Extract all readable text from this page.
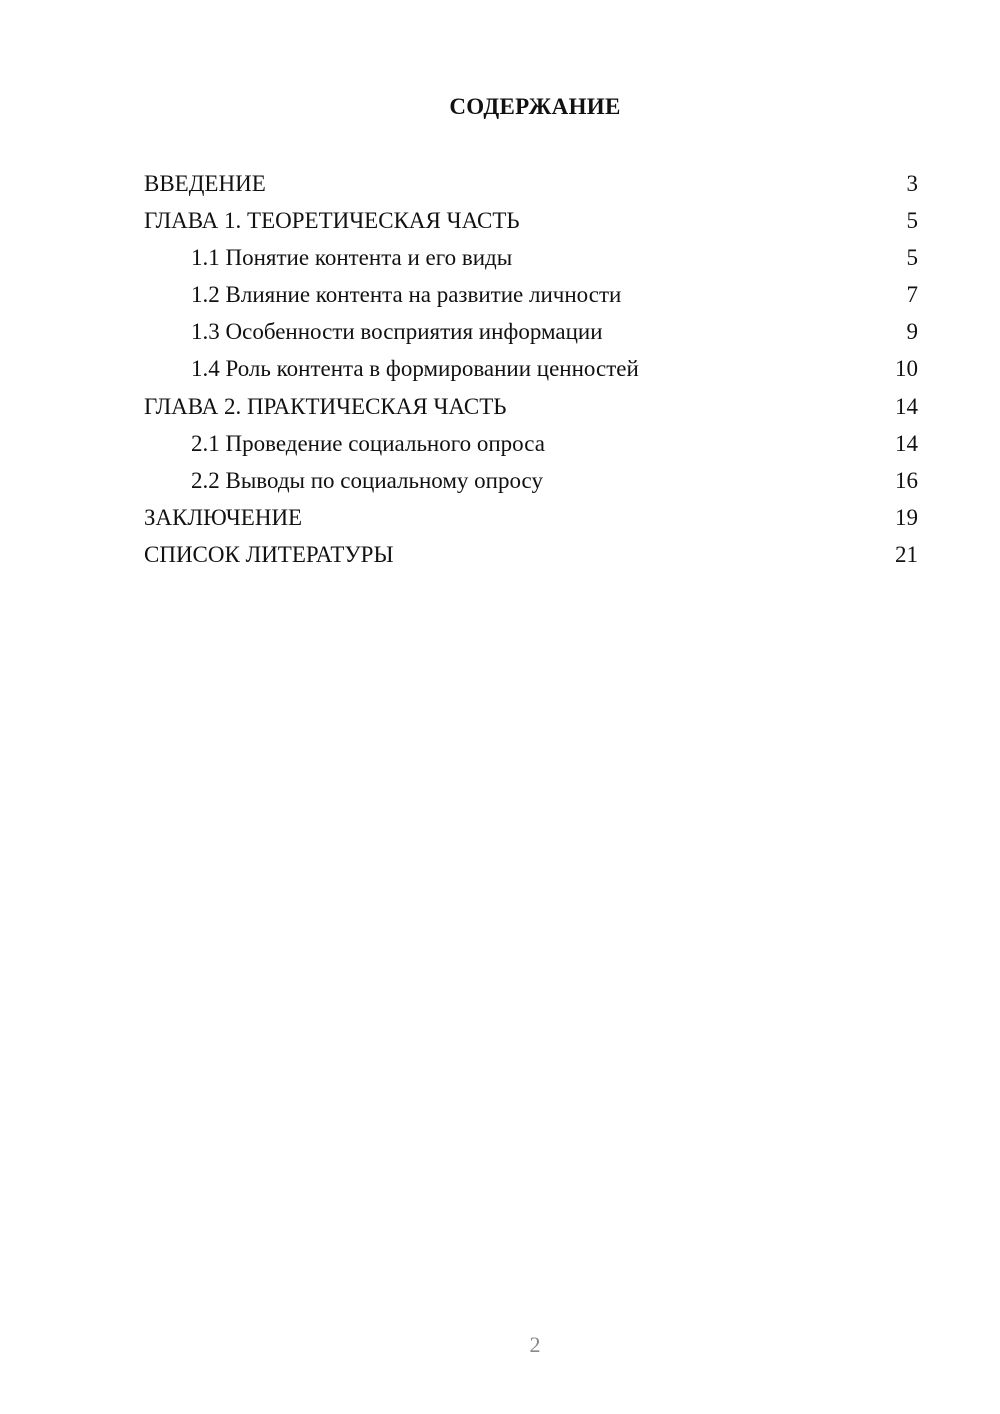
СОДЕРЖАНИЕ
ВВЕДЕНИЕ	3
ГЛАВА 1. ТЕОРЕТИЧЕСКАЯ ЧАСТЬ	5
1.1 Понятие контента и его виды	5
1.2 Влияние контента на развитие личности	7
1.3 Особенности восприятия информации	9
1.4 Роль контента в формировании ценностей	10
ГЛАВА 2. ПРАКТИЧЕСКАЯ ЧАСТЬ	14
2.1 Проведение социального опроса	14
2.2 Выводы по социальному опросу	16
ЗАКЛЮЧЕНИЕ	19
СПИСОК ЛИТЕРАТУРЫ	21
2
